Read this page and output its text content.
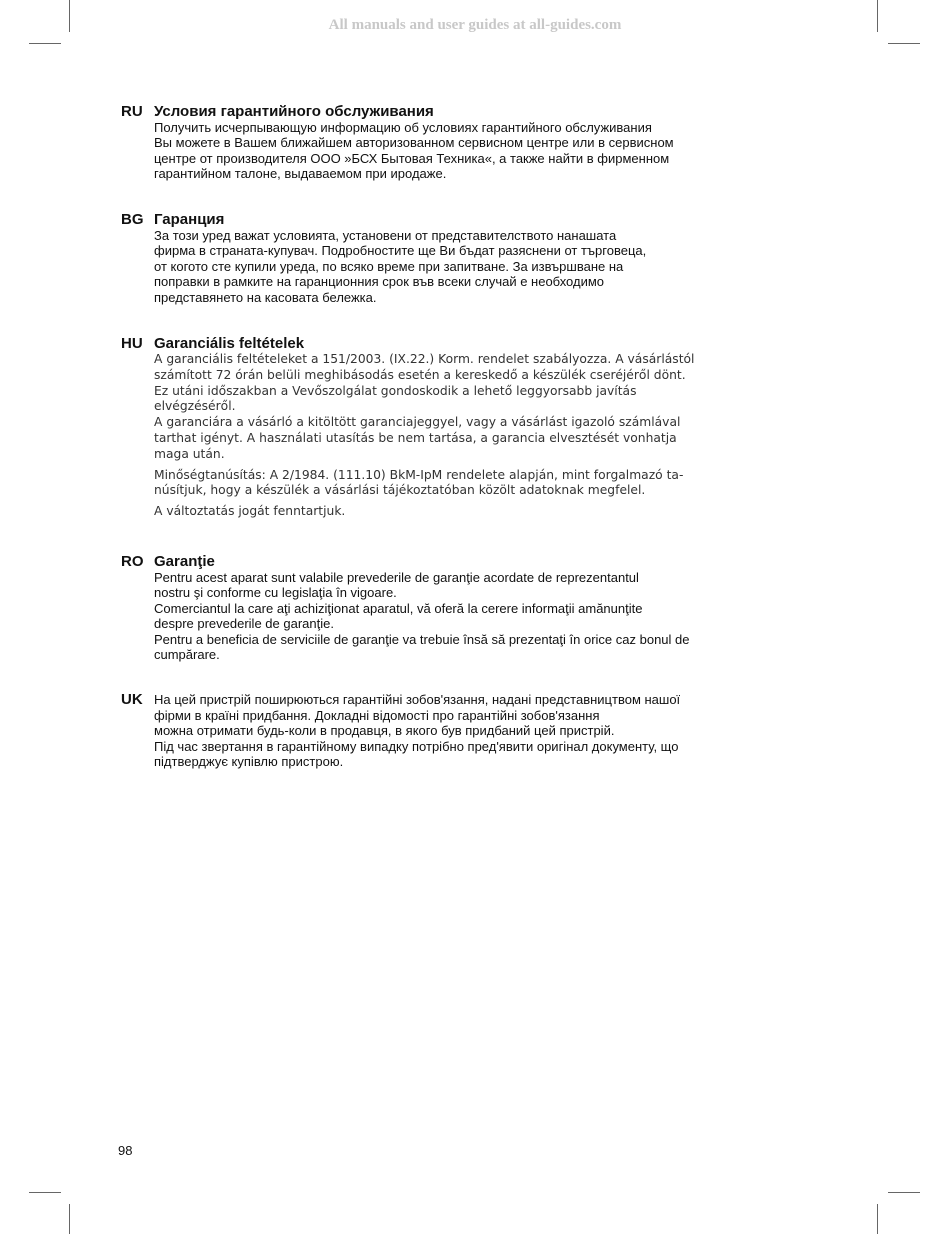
All manuals and user guides at all-guides.com
RU Условия гарантийного обслуживания
Получить исчерпывающую информацию об условиях гарантийного обслуживания
Вы можете в Вашем ближайшем авторизованном сервисном центре или в сервисном
центре от производителя ООО »БСХ Бытовая Техника«, а также найти в фирменном
гарантийном талоне, выдаваемом при иродаже.
BG Гаранция
За този уред важат условията, установени от представителството нанашата
фирма в страната-купувач. Подробностите ще Ви бъдат разяснени от търговеца,
от когото сте купили уреда, по всяко време при запитване. За извършване на
поправки в рамките на гаранционния срок във всеки случай е необходимо
представянето на касовата бележка.
HU Garanciális feltételek
A garanciális feltételeket a 151/2003. (IX.22.) Korm. rendelet szabályozza. A vásárlástól
számított 72 órán belüli meghibásodás esetén a kereskedő a készülék cseréjéről dönt.
Ez utáni időszakban a Vevőszolgálat gondoskodik a lehető leggyorsabb javítás
elvégzéséről.
A garanciára a vásárló a kitöltött garanciajeggyel, vagy a vásárlást igazoló számlával
tarthat igényt. A használati utasítás be nem tartása, a garancia elvesztését vonhatja
maga után.
Minőségtanúsítás: A 2/1984. (111.10) BkM-IpM rendelete alapján, mint forgalmazó ta-
núsítjuk, hogy a készülék a vásárlási tájékoztatóban közölt adatoknak megfelel.
A változtatás jogát fenntartjuk.
RO Garanţie
Pentru acest aparat sunt valabile prevederile de garanţie acordate de reprezentantul
nostru şi conforme cu legislaţia în vigoare.
Comerciantul la care aţi achiziţionat aparatul, vă oferă la cerere informaţii amănunţite
despre prevederile de garanţie.
Pentru a beneficia de serviciile de garanţie va trebuie însă să prezentaţi în orice caz bonul de
cumpărare.
UK На цей пристрій поширюються гарантійні зобов'язання, надані представництвом нашої
фірми в країні придбання. Докладні відомості про гарантійні зобов'язання
можна отримати будь-коли в продавця, в якого був придбаний цей пристрій.
Під час звертання в гарантійному випадку потрібно пред'явити оригінал документу, що
підтверджує купівлю пристрою.
98
